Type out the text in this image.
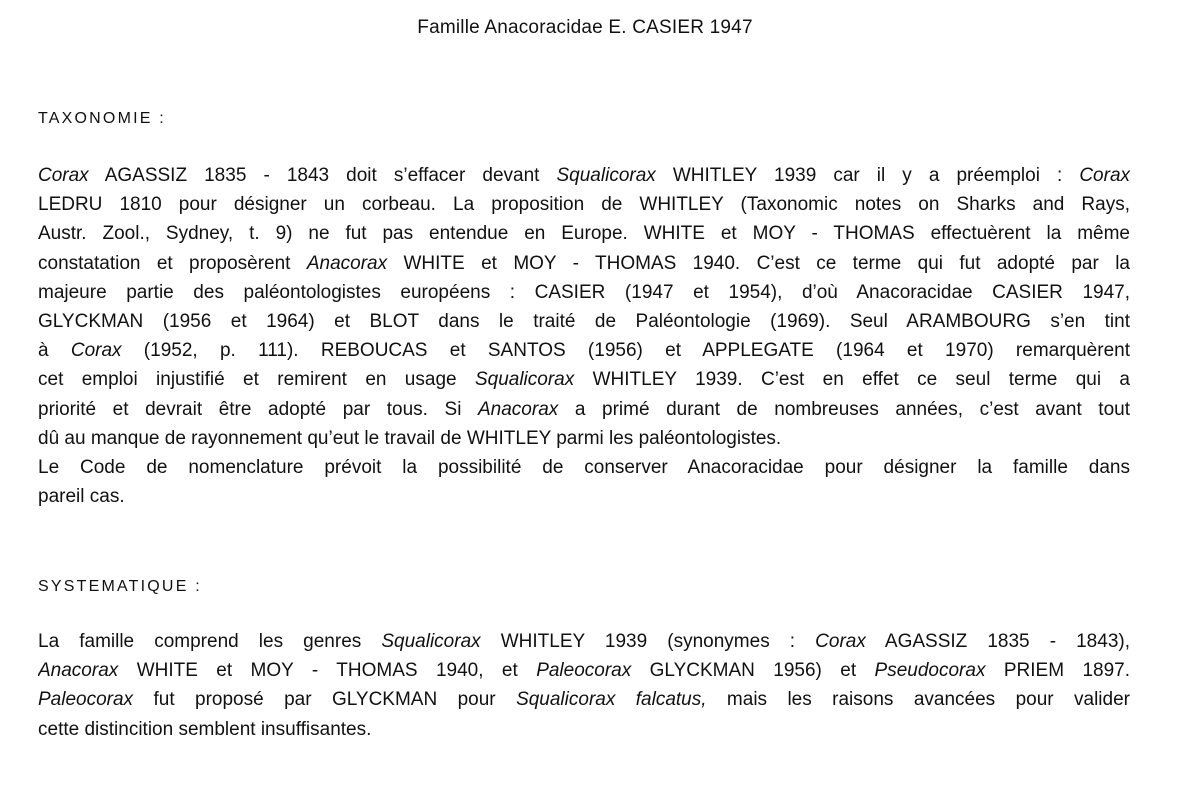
Famille Anacoracidae E. CASIER 1947
TAXONOMIE :
Corax AGASSIZ 1835 - 1843 doit s’effacer devant Squalicorax WHITLEY 1939 car il y a préemploi : Corax
LEDRU 1810 pour désigner un corbeau. La proposition de WHITLEY (Taxonomic notes on Sharks and Rays,
Austr. Zool., Sydney, t. 9) ne fut pas entendue en Europe. WHITE et MOY - THOMAS effectuèrent la même
constatation et proposèrent Anacorax WHITE et MOY - THOMAS 1940. C’est ce terme qui fut adopté par la
majeure partie des paléontologistes européens : CASIER (1947 et 1954), d’où Anacoracidae CASIER 1947,
GLYCKMAN (1956 et 1964) et BLOT dans le traité de Paléontologie (1969). Seul ARAMBOURG s’en tint
à Corax (1952, p. 111). REBOUCAS et SANTOS (1956) et APPLEGATE (1964 et 1970) remarquèrent
cet emploi injustifié et remirent en usage Squalicorax WHITLEY 1939. C’est en effet ce seul terme qui a
priorité et devrait être adopté par tous. Si Anacorax a primé durant de nombreuses années, c’est avant tout
dû au manque de rayonnement qu’eut le travail de WHITLEY parmi les paléontologistes.
Le Code de nomenclature prévoit la possibilité de conserver Anacoracidae pour désigner la famille dans
pareil cas.
SYSTEMATIQUE :
La famille comprend les genres Squalicorax WHITLEY 1939 (synonymes : Corax AGASSIZ 1835 - 1843),
Anacorax WHITE et MOY - THOMAS 1940, et Paleocorax GLYCKMAN 1956) et Pseudocorax PRIEM 1897.
Paleocorax fut proposé par GLYCKMAN pour Squalicorax falcatus, mais les raisons avancées pour valider
cette distincition semblent insuffisantes.
